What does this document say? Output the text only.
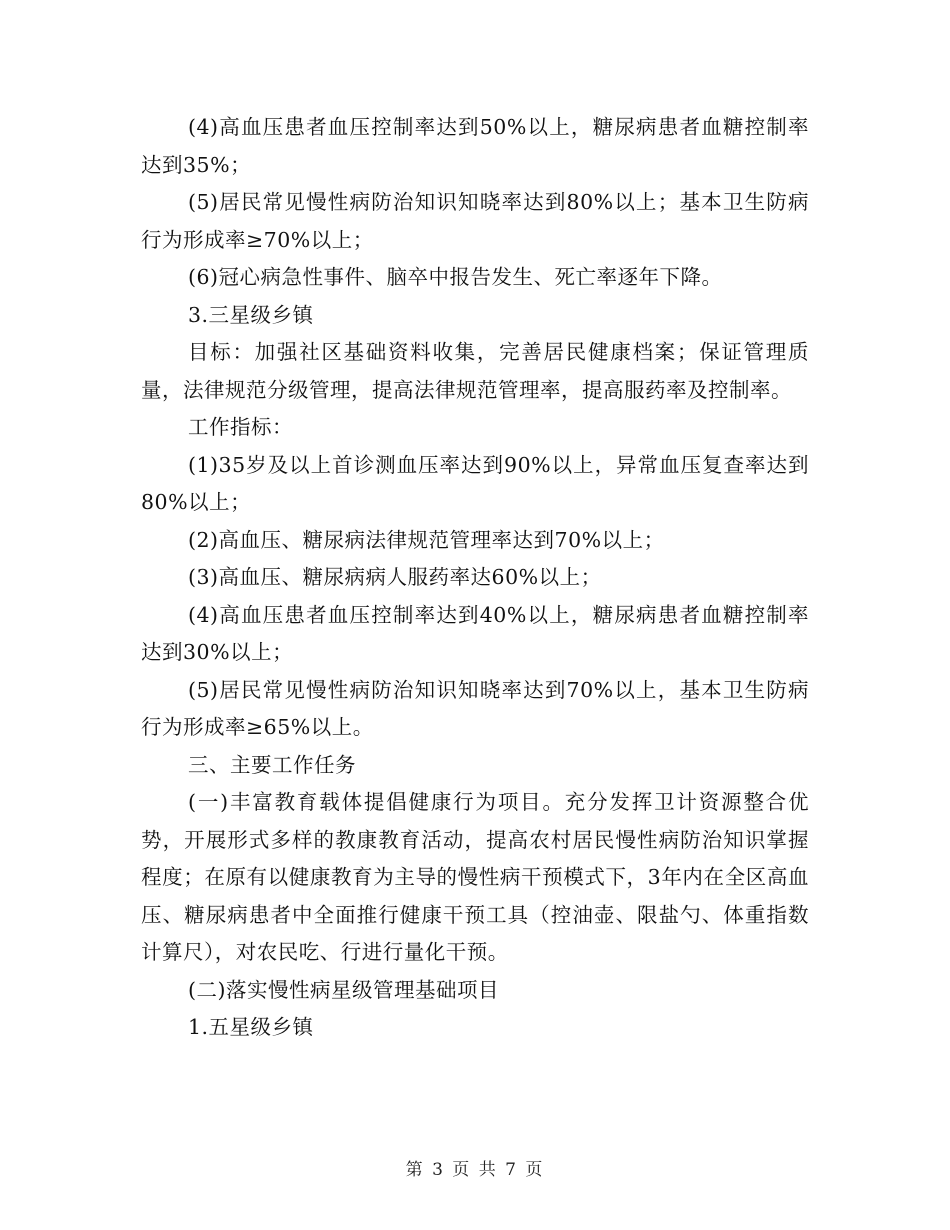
(4)高血压患者血压控制率达到50%以上，糖尿病患者血糖控制率达到35%；

(5)居民常见慢性病防治知识知晓率达到80%以上；基本卫生防病行为形成率≥70%以上；

(6)冠心病急性事件、脑卒中报告发生、死亡率逐年下降。

3.三星级乡镇

目标：加强社区基础资料收集，完善居民健康档案；保证管理质量，法律规范分级管理，提高法律规范管理率，提高服药率及控制率。

工作指标：

(1)35岁及以上首诊测血压率达到90%以上，异常血压复查率达到80%以上；

(2)高血压、糖尿病法律规范管理率达到70%以上；

(3)高血压、糖尿病病人服药率达60%以上；

(4)高血压患者血压控制率达到40%以上，糖尿病患者血糖控制率达到30%以上；

(5)居民常见慢性病防治知识知晓率达到70%以上，基本卫生防病行为形成率≥65%以上。

三、主要工作任务

(一)丰富教育载体提倡健康行为项目。充分发挥卫计资源整合优势，开展形式多样的教康教育活动，提高农村居民慢性病防治知识掌握程度；在原有以健康教育为主导的慢性病干预模式下，3年内在全区高血压、糖尿病患者中全面推行健康干预工具（控油壶、限盐勺、体重指数计算尺），对农民吃、行进行量化干预。

(二)落实慢性病星级管理基础项目

1.五星级乡镇

第 3 页 共 7 页
